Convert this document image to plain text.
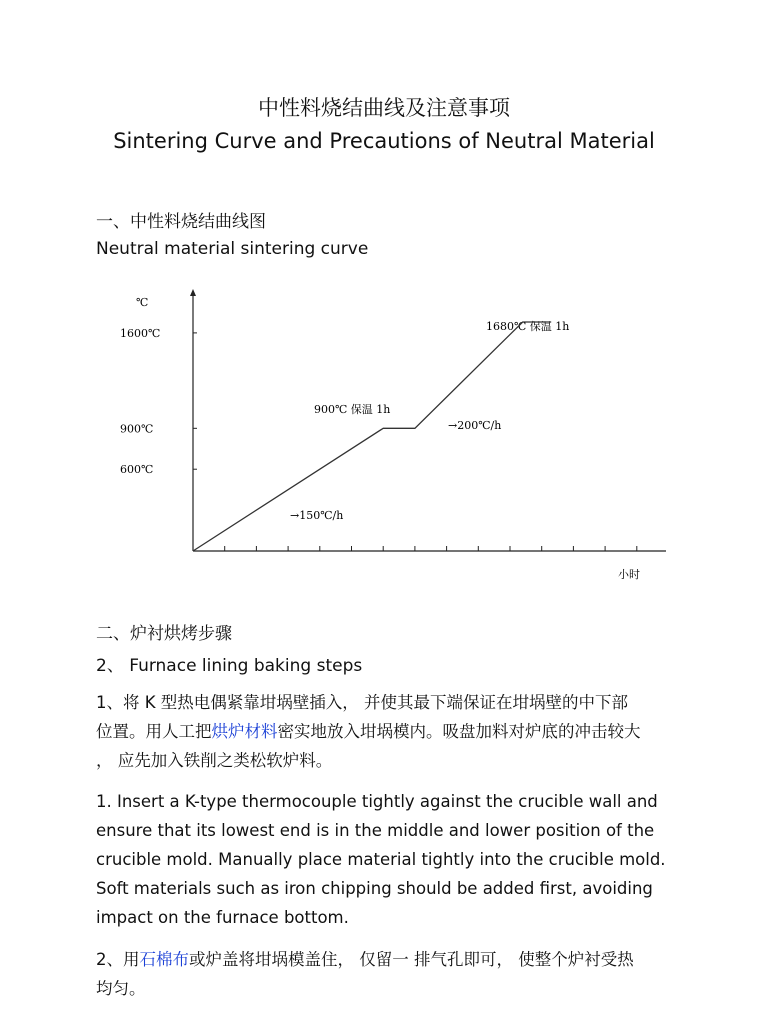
中性料烧结曲线及注意事项
Sintering Curve and Precautions of Neutral Material
一、中性料烧结曲线图
Neutral material sintering curve
℃
小时
1680℃ 保温 1h
900℃ 保温 1h
→200℃/h
→150℃/h
600℃
900℃
1600℃
二、炉衬烘烤步骤
2、 Furnace lining baking steps
1、将 K 型热电偶紧靠坩埚壁插入， 并使其最下端保证在坩埚壁的中下部
位置。用人工把烘炉材料密实地放入坩埚模内。吸盘加料对炉底的冲击较大
， 应先加入铁削之类松软炉料。
1. Insert a K-type thermocouple tightly against the crucible wall and
ensure that its lowest end is in the middle and lower position of the
crucible mold. Manually place material tightly into the crucible mold.
Soft materials such as iron chipping should be added first, avoiding
impact on the furnace bottom.
2、用石棉布或炉盖将坩埚模盖住， 仅留一 排气孔即可， 使整个炉衬受热
均匀。
